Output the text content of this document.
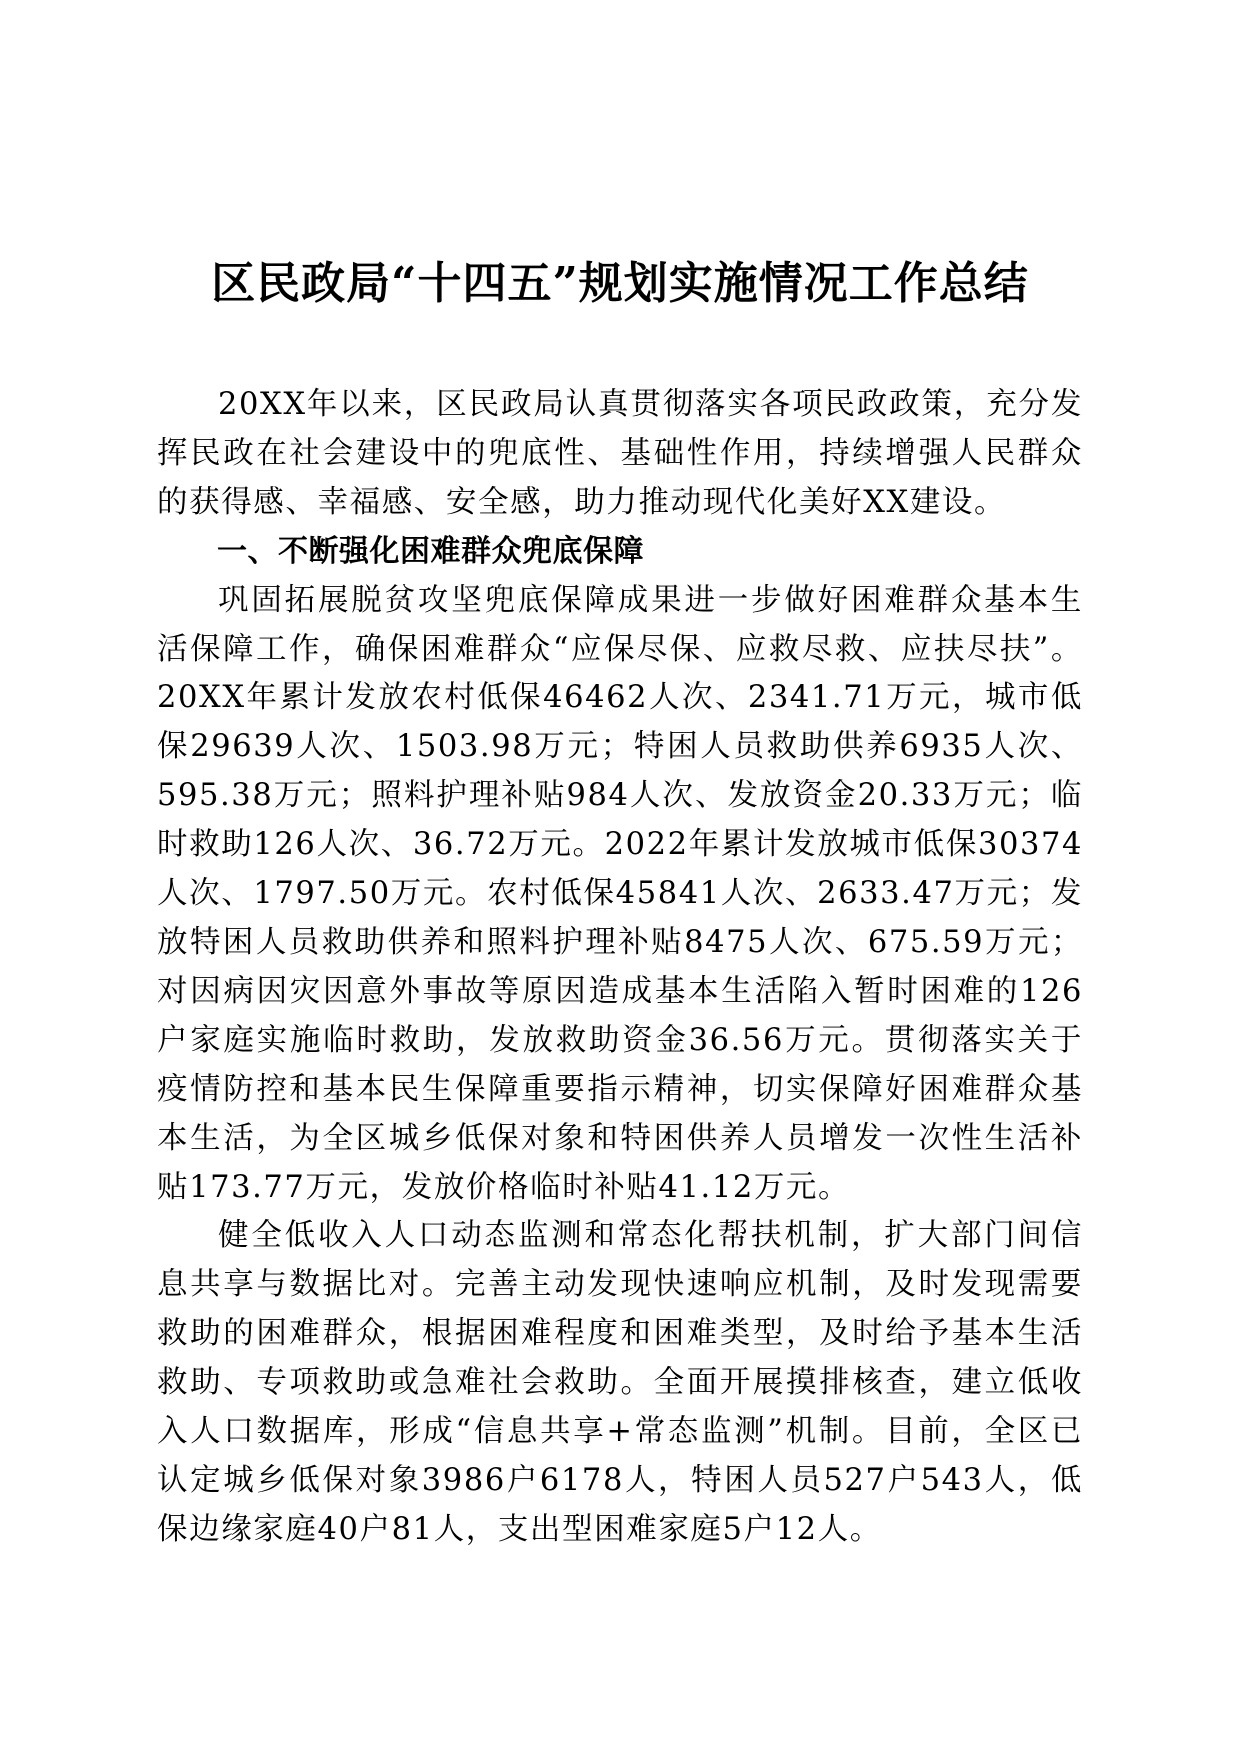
区民政局“十四五”规划实施情况工作总结

20XX年以来，区民政局认真贯彻落实各项民政政策，充分发挥民政在社会建设中的兜底性、基础性作用，持续增强人民群众的获得感、幸福感、安全感，助力推动现代化美好XX建设。

一、不断强化困难群众兜底保障

巩固拓展脱贫攻坚兜底保障成果进一步做好困难群众基本生活保障工作，确保困难群众“应保尽保、应救尽救、应扶尽扶”。20XX年累计发放农村低保46462人次、2341.71万元，城市低保29639人次、1503.98万元；特困人员救助供养6935人次、595.38万元；照料护理补贴984人次、发放资金20.33万元；临时救助126人次、36.72万元。2022年累计发放城市低保30374人次、1797.50万元。农村低保45841人次、2633.47万元；发放特困人员救助供养和照料护理补贴8475人次、675.59万元；对因病因灾因意外事故等原因造成基本生活陷入暂时困难的126户家庭实施临时救助，发放救助资金36.56万元。贯彻落实关于疫情防控和基本民生保障重要指示精神，切实保障好困难群众基本生活，为全区城乡低保对象和特困供养人员增发一次性生活补贴173.77万元，发放价格临时补贴41.12万元。

健全低收入人口动态监测和常态化帮扶机制，扩大部门间信息共享与数据比对。完善主动发现快速响应机制，及时发现需要救助的困难群众，根据困难程度和困难类型，及时给予基本生活救助、专项救助或急难社会救助。全面开展摸排核查，建立低收入人口数据库，形成“信息共享+常态监测”机制。目前，全区已认定城乡低保对象3986户6178人，特困人员527户543人，低保边缘家庭40户81人，支出型困难家庭5户12人。
